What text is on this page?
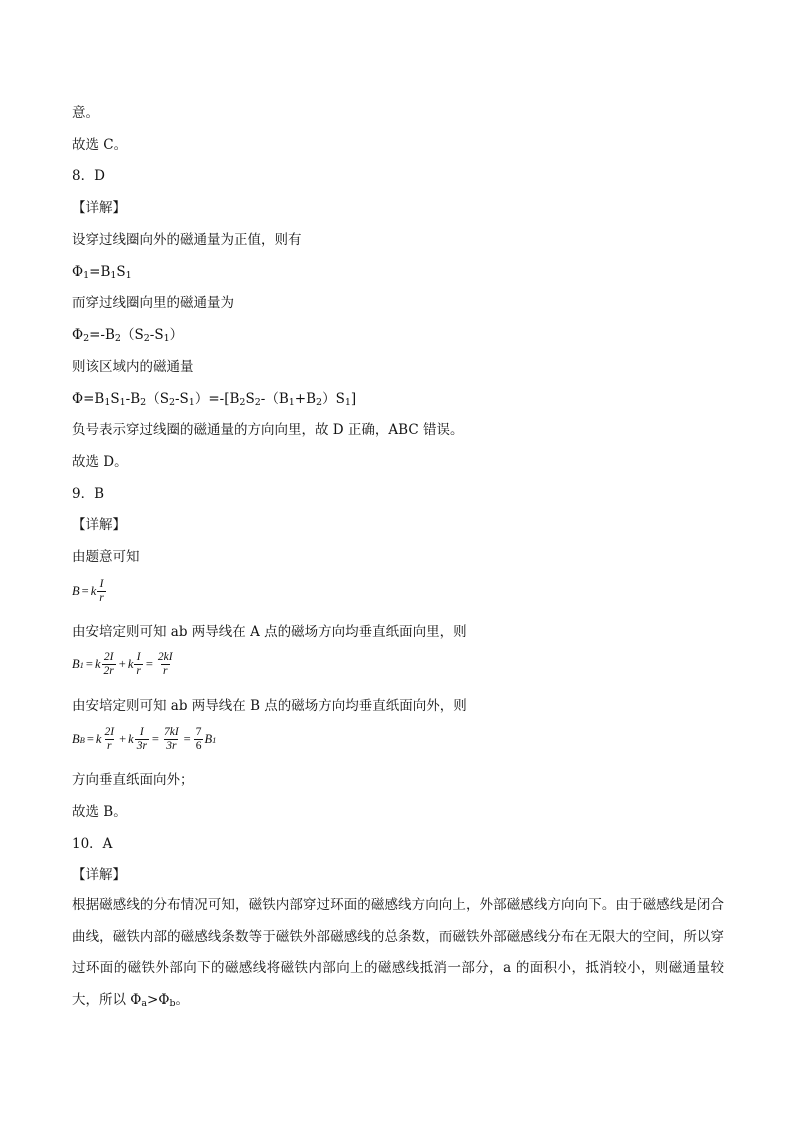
意。
故选 C。
8．D
【详解】
设穿过线圈向外的磁通量为正值，则有
$\Phi_1=B_1S_1$
而穿过线圈向里的磁通量为
$\Phi_2=-B_2(S_2-S_1)$
则该区域内的磁通量
$\Phi=B_1S_1-B_2(S_2-S_1)=-[B_2S_2-(B_1+B_2)S_1]$
负号表示穿过线圈的磁通量的方向向里，故 D 正确，ABC 错误。
故选 D。
9．B
【详解】
由题意可知
B = k $\frac{I}{r}$
由安培定则可知 ab 两导线在 A 点的磁场方向均垂直纸面向里，则
B 1 = k $\frac{2I}{2r} + k \frac{I}{r} = \frac{2kI}{r}$
由安培定则可知 ab 两导线在 B 点的磁场方向均垂直纸面向外，则
B B = k $\frac{2I}{r} + k \frac{I}{3r} = \frac{7kI}{3r} = \frac{7}{6}$ B 1
方向垂直纸面向外；
故选 B。
10．A
【详解】
根据磁感线的分布情况可知，磁铁内部穿过环面的磁感线方向向上，外部磁感线方向向下。由于磁感线是闭合曲线，磁铁内部的磁感线条数等于磁铁外部磁感线的总条数，而磁铁外部磁感线分布在无限大的空间，所以穿过环面的磁铁外部向下的磁感线将磁铁内部向上的磁感线抵消一部分，a 的面积小，抵消较小，则磁通量较大，所以 $\Phi_a>\Phi_b$。
